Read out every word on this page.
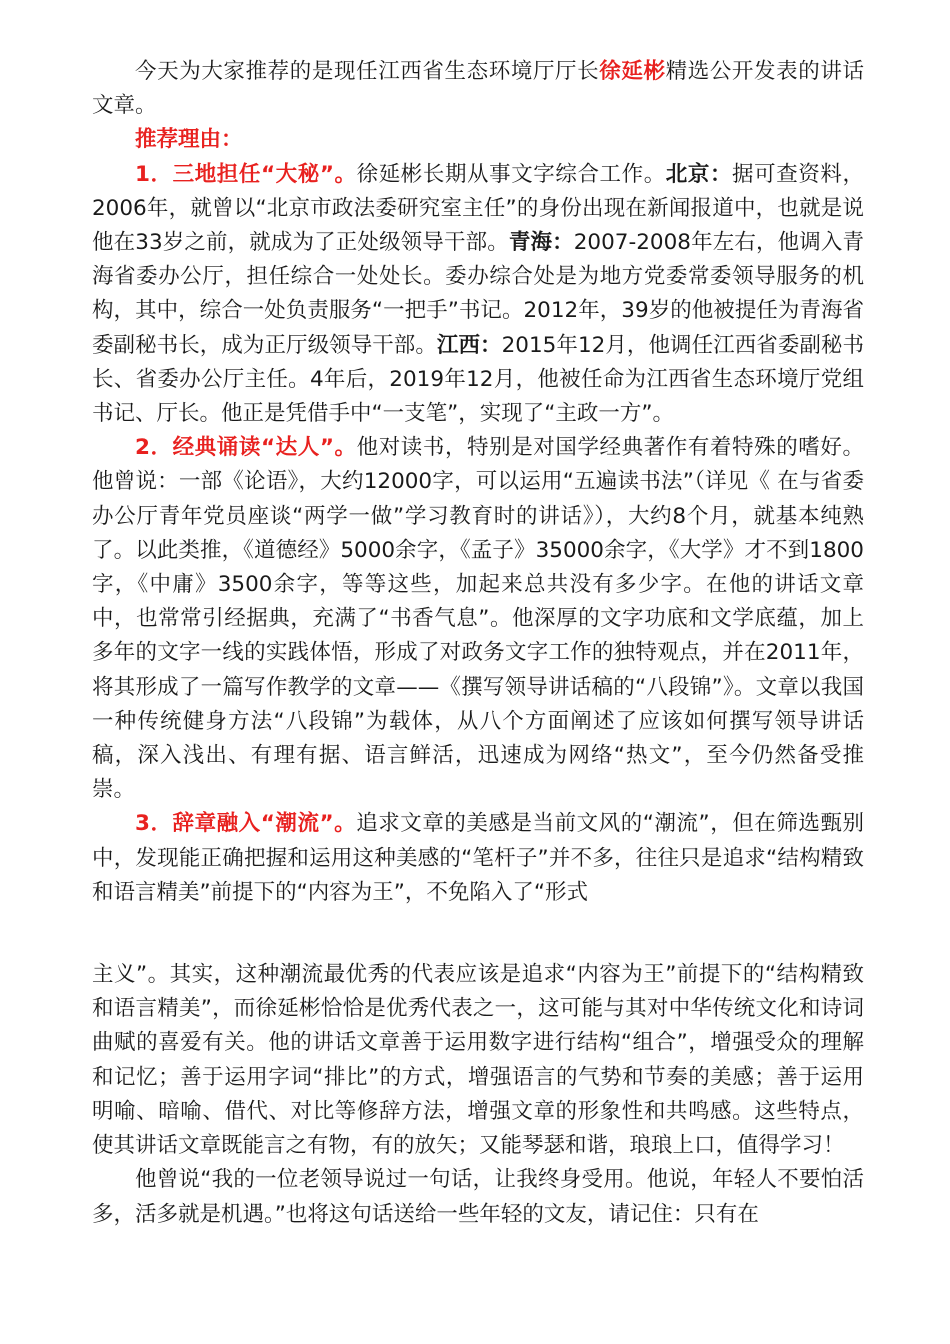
今天为大家推荐的是现任江西省生态环境厅厅长徐延彬精选公开发表的讲话文章。

推荐理由：

1．三地担任“大秘”。徐延彬长期从事文字综合工作。北京：据可查资料，2006年，就曾以“北京市政法委研究室主任”的身份出现在新闻报道中，也就是说他在33岁之前，就成为了正处级领导干部。青海：2007-2008年左右，他调入青海省委办公厅，担任综合一处处长。委办综合处是为地方党委常委领导服务的机构，其中，综合一处负责服务“一把手”书记。2012年，39岁的他被提任为青海省委副秘书长，成为正厅级领导干部。江西：2015年12月，他调任江西省委副秘书长、省委办公厅主任。4年后，2019年12月，他被任命为江西省生态环境厅党组书记、厅长。他正是凭借手中“一支笔”，实现了“主政一方”。

2．经典诵读“达人”。他对读书，特别是对国学经典著作有着特殊的嗜好。他曾说：一部《论语》，大约12000字，可以运用“五遍读书法”（详见《 在与省委办公厅青年党员座谈“两学一做”学习教育时的讲话》），大约8个月，就基本纯熟了。以此类推，《道德经》5000余字，《孟子》35000余字，《大学》才不到1800字，《中庸》3500余字，等等这些，加起来总共没有多少字。在他的讲话文章中，也常常引经据典，充满了“书香气息”。他深厚的文字功底和文学底蕴，加上多年的文字一线的实践体悟，形成了对政务文字工作的独特观点，并在2011年，将其形成了一篇写作教学的文章——《撰写领导讲话稿的“八段锦”》。文章以我国一种传统健身方法“八段锦”为载体，从八个方面阐述了应该如何撰写领导讲话稿，深入浅出、有理有据、语言鲜活，迅速成为网络“热文”，至今仍然备受推崇。

3．辞章融入“潮流”。追求文章的美感是当前文风的“潮流”，但在筛选甄别中，发现能正确把握和运用这种美感的“笔杆子”并不多，往往只是追求“结构精致和语言精美”前提下的“内容为王”，不免陷入了“形式

主义”。其实，这种潮流最优秀的代表应该是追求“内容为王”前提下的“结构精致和语言精美”，而徐延彬恰恰是优秀代表之一，这可能与其对中华传统文化和诗词曲赋的喜爱有关。他的讲话文章善于运用数字进行结构“组合”，增强受众的理解和记忆；善于运用字词“排比”的方式，增强语言的气势和节奏的美感；善于运用明喻、暗喻、借代、对比等修辞方法，增强文章的形象性和共鸣感。这些特点，使其讲话文章既能言之有物，有的放矢；又能琴瑟和谐，琅琅上口，值得学习！

他曾说“我的一位老领导说过一句话，让我终身受用。他说，年轻人不要怕活多，活多就是机遇。”也将这句话送给一些年轻的文友，请记住：只有在
